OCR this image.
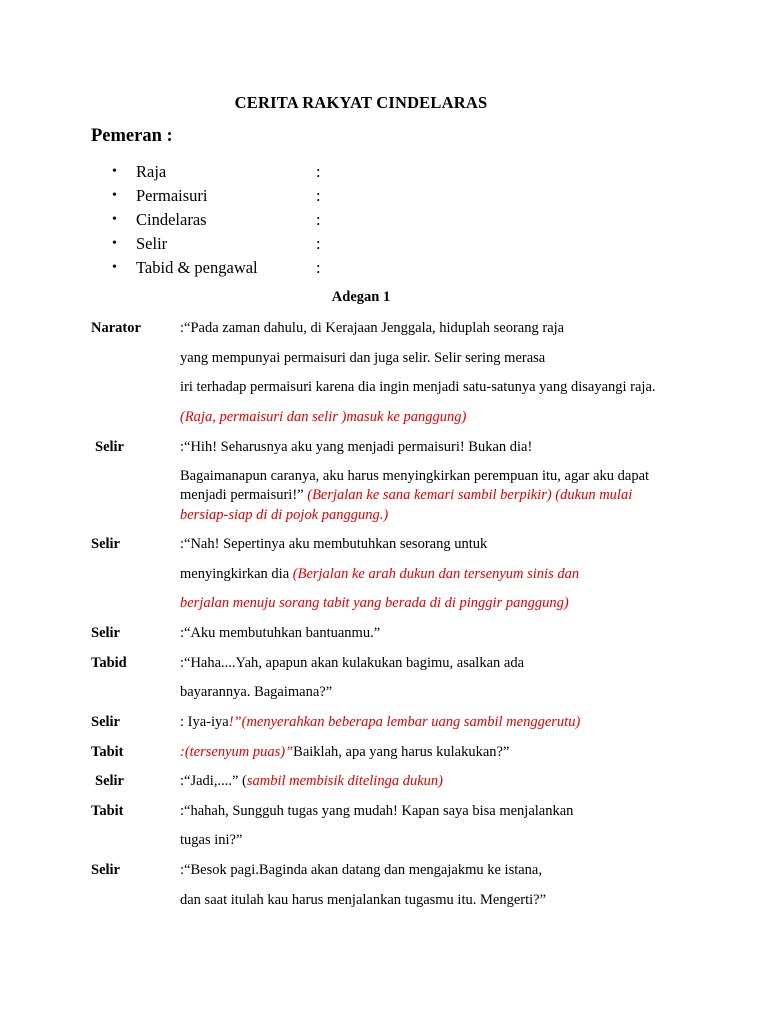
CERITA RAKYAT CINDELARAS
Pemeran :
•	Raja	:
•	Permaisuri	:
•	Cindelaras	:
•	Selir	:
•	Tabid & pengawal	:
Adegan 1
Narator	:“Pada zaman dahulu, di Kerajaan Jenggala, hiduplah seorang raja
yang mempunyai permaisuri dan juga selir. Selir sering merasa
iri terhadap permaisuri karena dia ingin menjadi satu-satunya yang disayangi raja.
(Raja, permaisuri dan selir )masuk ke panggung)
Selir	:“Hih! Seharusnya aku yang menjadi permaisuri! Bukan dia!
Bagaimanapun caranya, aku harus menyingkirkan perempuan itu, agar aku dapat
menjadi permaisuri!” (Berjalan ke sana kemari sambil berpikir) (dukun mulai
bersiap-siap di di pojok panggung.)
Selir	:“Nah! Sepertinya aku membutuhkan sesorang untuk
menyingkirkan dia (Berjalan ke arah dukun dan tersenyum sinis dan
berjalan menuju sorang tabit yang berada di di pinggir panggung)
Selir	:“Aku membutuhkan bantuanmu.”
Tabid	:“Haha....Yah, apapun akan kulakukan bagimu, asalkan ada
bayarannya. Bagaimana?”
Selir	: Iya-iya!”(menyerahkan beberapa lembar uang sambil menggerutu)
Tabit	:(tersenyum puas)”Baiklah, apa yang harus kulakukan?”
Selir	:“Jadi,....” (sambil membisik ditelinga dukun)
Tabit	:“hahah, Sungguh tugas yang mudah! Kapan saya bisa menjalankan
tugas ini?”
Selir	:“Besok pagi.Baginda akan datang dan mengajakmu ke istana,
dan saat itulah kau harus menjalankan tugasmu itu. Mengerti?”
